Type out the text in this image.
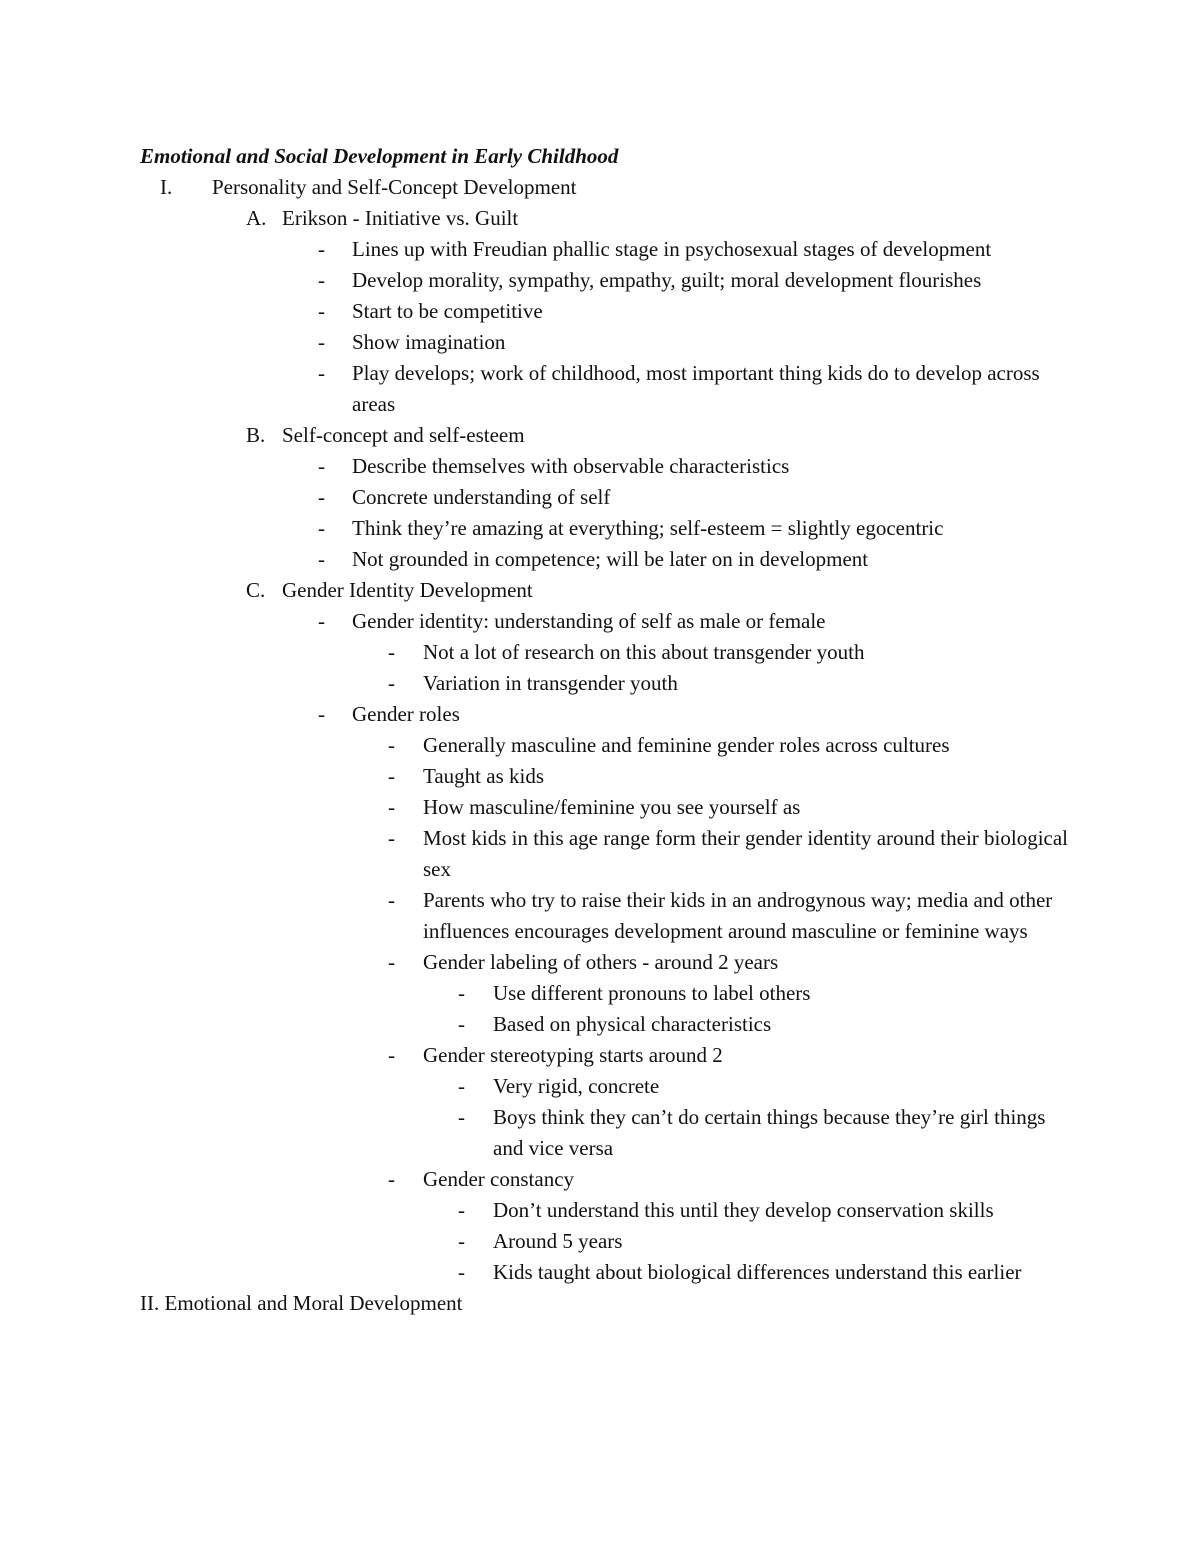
Emotional and Social Development in Early Childhood
I. Personality and Self-Concept Development
A. Erikson - Initiative vs. Guilt
- Lines up with Freudian phallic stage in psychosexual stages of development
- Develop morality, sympathy, empathy, guilt; moral development flourishes
- Start to be competitive
- Show imagination
- Play develops; work of childhood, most important thing kids do to develop across areas
B. Self-concept and self-esteem
- Describe themselves with observable characteristics
- Concrete understanding of self
- Think they’re amazing at everything; self-esteem = slightly egocentric
- Not grounded in competence; will be later on in development
C. Gender Identity Development
- Gender identity: understanding of self as male or female
- Not a lot of research on this about transgender youth
- Variation in transgender youth
- Gender roles
- Generally masculine and feminine gender roles across cultures
- Taught as kids
- How masculine/feminine you see yourself as
- Most kids in this age range form their gender identity around their biological sex
- Parents who try to raise their kids in an androgynous way; media and other influences encourages development around masculine or feminine ways
- Gender labeling of others - around 2 years
- Use different pronouns to label others
- Based on physical characteristics
- Gender stereotyping starts around 2
- Very rigid, concrete
- Boys think they can’t do certain things because they’re girl things and vice versa
- Gender constancy
- Don’t understand this until they develop conservation skills
- Around 5 years
- Kids taught about biological differences understand this earlier
II. Emotional and Moral Development
